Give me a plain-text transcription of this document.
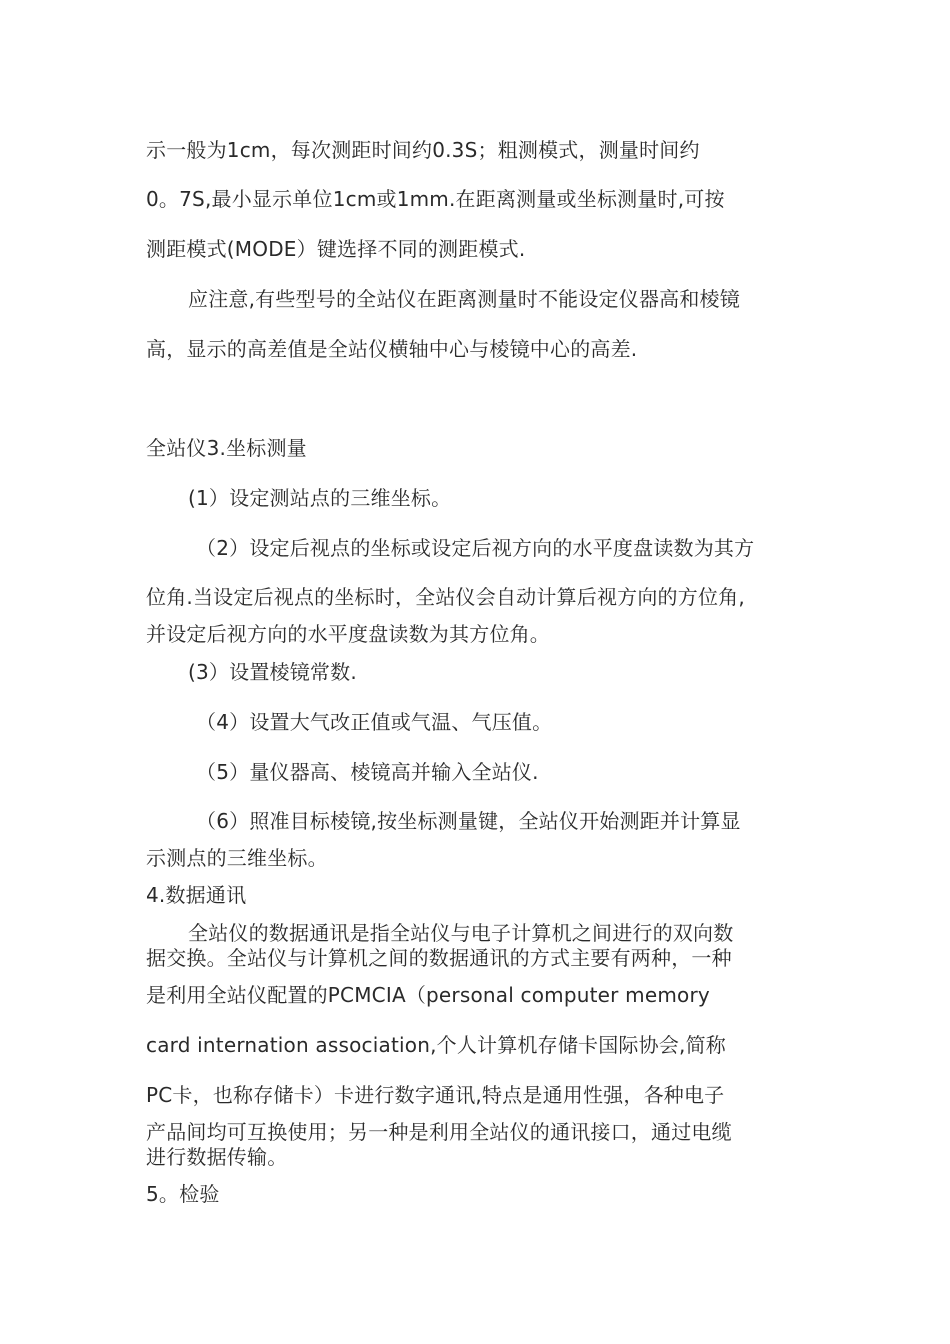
示一般为1cm，每次测距时间约0.3S；粗测模式，测量时间约
0。7S,最小显示单位1cm或1mm.在距离测量或坐标测量时,可按
测距模式(MODE）键选择不同的测距模式.
应注意,有些型号的全站仪在距离测量时不能设定仪器高和棱镜
高，显示的高差值是全站仪横轴中心与棱镜中心的高差.
全站仪3.坐标测量
(1）设定测站点的三维坐标。
（2）设定后视点的坐标或设定后视方向的水平度盘读数为其方
位角.当设定后视点的坐标时，全站仪会自动计算后视方向的方位角,
并设定后视方向的水平度盘读数为其方位角。
(3）设置棱镜常数.
（4）设置大气改正值或气温、气压值。
（5）量仪器高、棱镜高并输入全站仪.
（6）照准目标棱镜,按坐标测量键，全站仪开始测距并计算显
示测点的三维坐标。
4.数据通讯
全站仪的数据通讯是指全站仪与电子计算机之间进行的双向数
据交换。全站仪与计算机之间的数据通讯的方式主要有两种，一种
是利用全站仪配置的PCMCIA（personal computer memory
card internation association,个人计算机存储卡国际协会,简称
PC卡，也称存储卡）卡进行数字通讯,特点是通用性强，各种电子
产品间均可互换使用；另一种是利用全站仪的通讯接口，通过电缆
进行数据传输。
5。检验
